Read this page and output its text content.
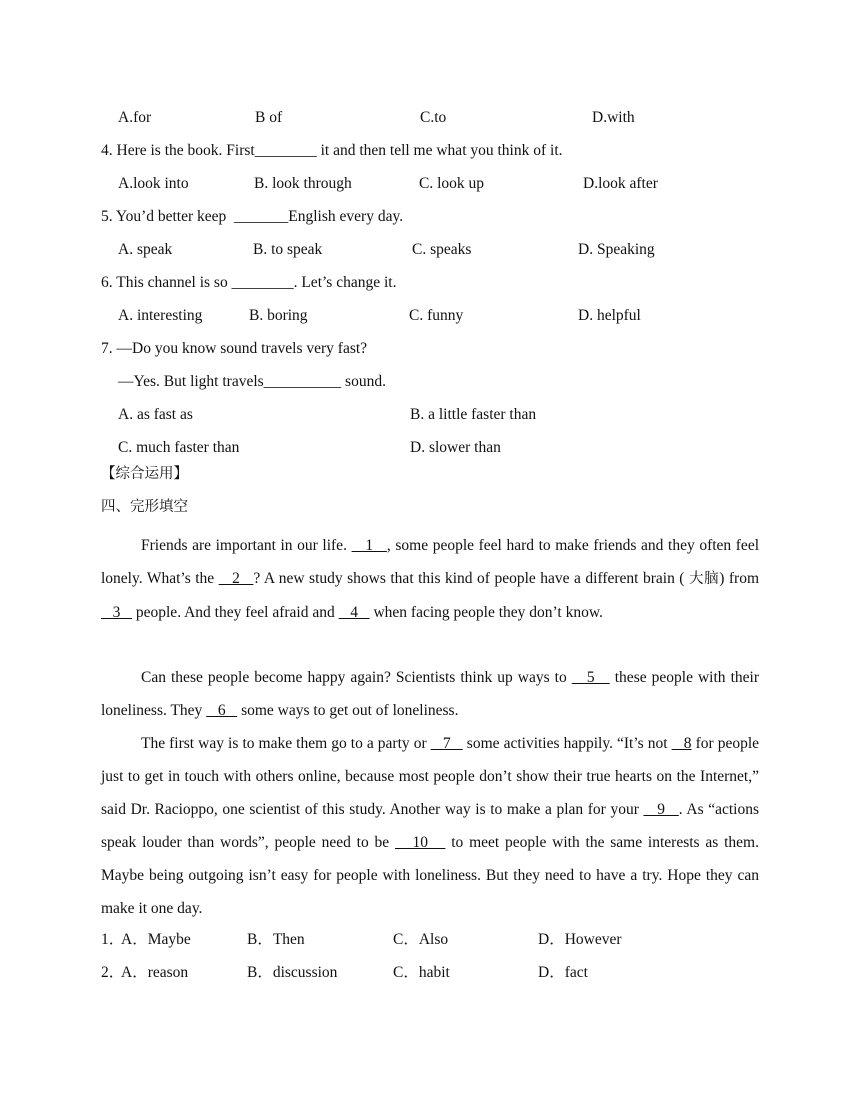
A.for	B of	C.to	D.with
4. Here is the book. First________ it and then tell me what you think of it.
A.look into	B. look through	C. look up	D.look after
5. You’d better keep  _______English every day.
A. speak	B. to speak	C. speaks	D. Speaking
6. This channel is so ________. Let’s change it.
A. interesting	B. boring	C. funny	D. helpful
7. —Do you know sound travels very fast?
—Yes. But light travels__________ sound.
A. as fast as	B. a little faster than
C. much faster than	D. slower than
【综合运用】
四、完形填空
Friends are important in our life.    1   , some people feel hard to make friends and they often feel lonely. What’s the    2   ? A new study shows that this kind of people have a different brain ( 大脑) from    3    people. And they feel afraid and    4    when facing people they don’t know.
Can these people become happy again? Scientists think up ways to    5    these people with their loneliness. They    6    some ways to get out of loneliness.
The first way is to make them go to a party or    7    some activities happily. “It’s not    8 for people just to get in touch with others online, because most people don’t show their true hearts on the Internet,” said Dr. Racioppo, one scientist of this study. Another way is to make a plan for your    9   . As “actions speak louder than words”, people need to be    10    to meet people with the same interests as them. Maybe being outgoing isn’t easy for people with loneliness. But they need to have a try. Hope they can make it one day.
1．
A．Maybe	B．Then	C．Also	D．However
2．
A．reason	B．discussion	C．habit	D．fact
